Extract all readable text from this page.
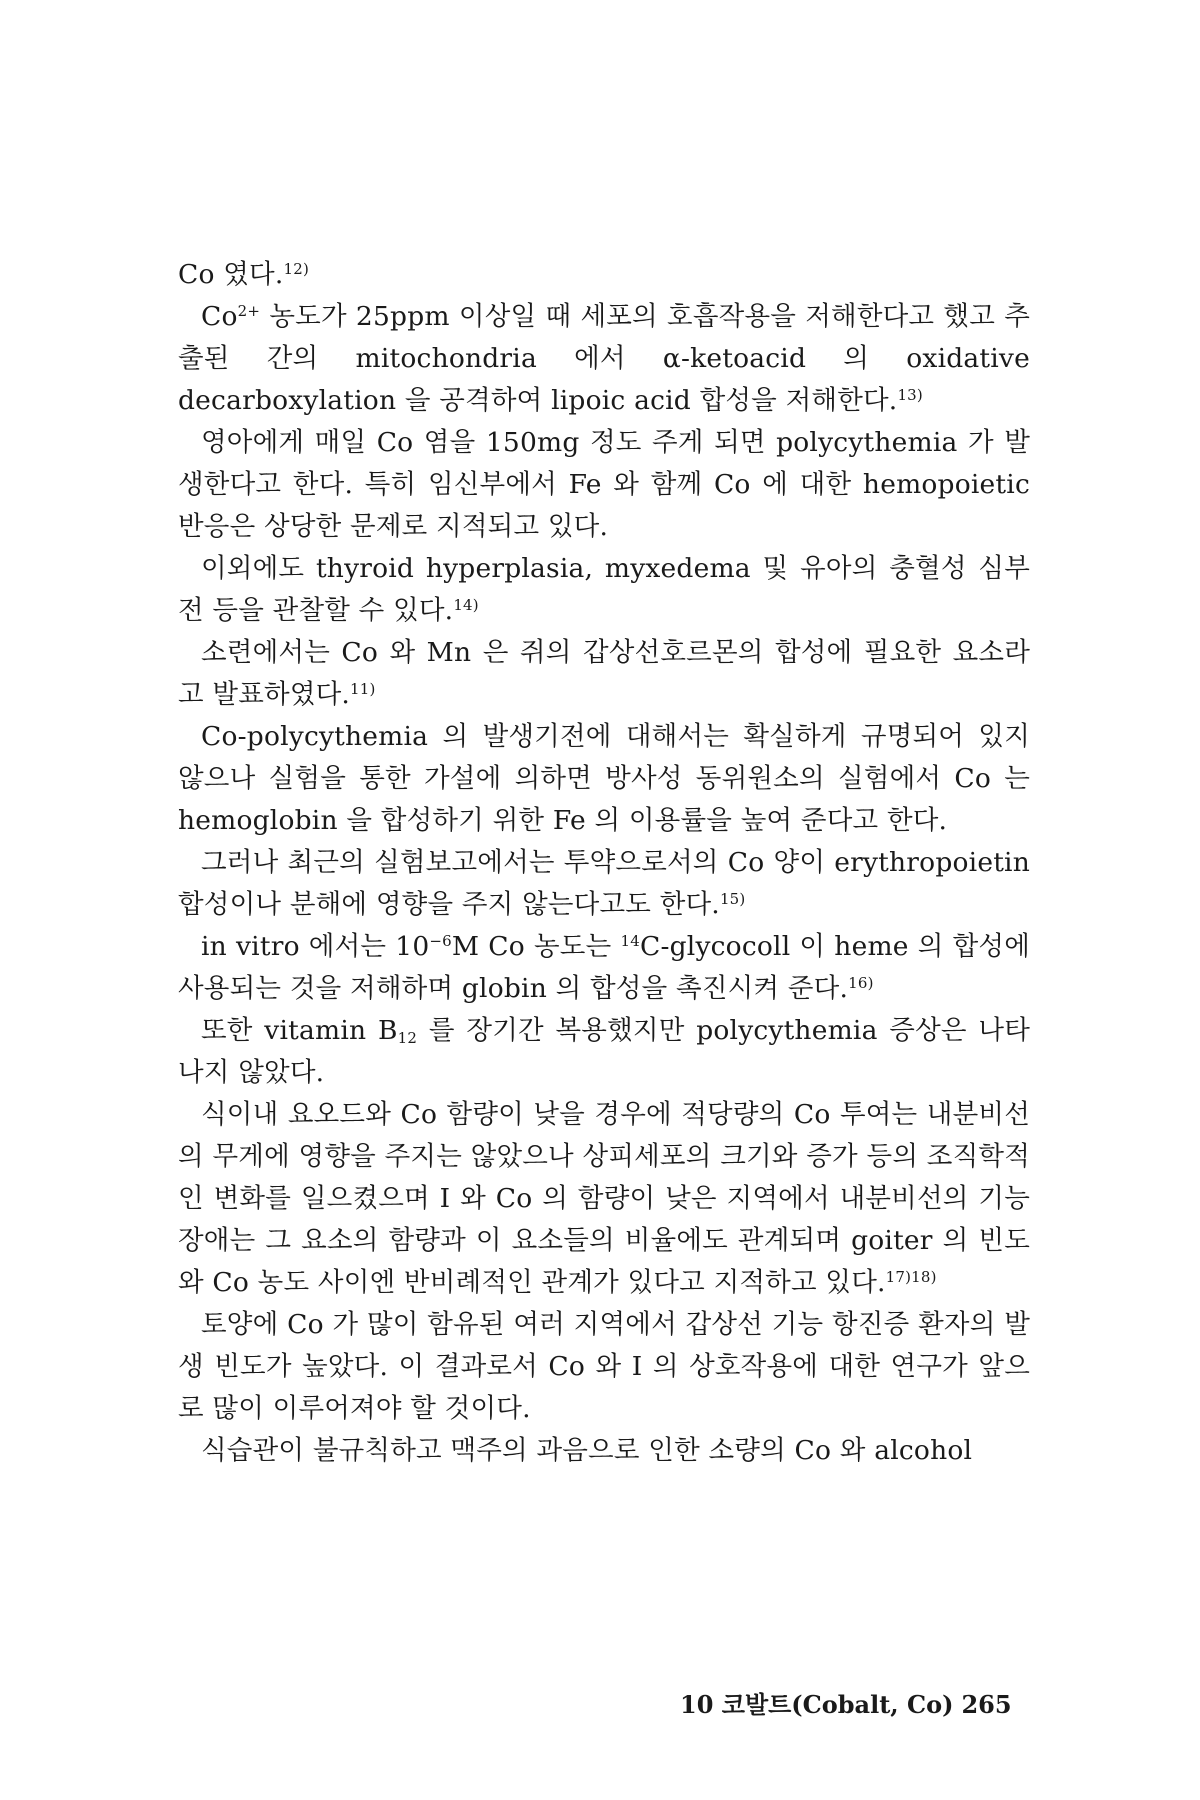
Co 였다.$^{12)}$

$Co^{2+}$ 농도가 25ppm 이상일 때 세포의 호흡작용을 저해한다고 했고 추출된 간의 mitochondria 에서 α-ketoacid 의 oxidative decarboxylation 을 공격하여 lipoic acid 합성을 저해한다.$^{13)}$

영아에게 매일 Co 염을 150mg 정도 주게 되면 polycythemia 가 발생한다고 한다. 특히 임신부에서 Fe 와 함께 Co 에 대한 hemopoietic 반응은 상당한 문제로 지적되고 있다.

이외에도 thyroid hyperplasia, myxedema 및 유아의 충혈성 심부전 등을 관찰할 수 있다.$^{14)}$

소련에서는 Co 와 Mn 은 쥐의 갑상선호르몬의 합성에 필요한 요소라고 발표하였다.$^{11)}$

Co-polycythemia 의 발생기전에 대해서는 확실하게 규명되어 있지 않으나 실험을 통한 가설에 의하면 방사성 동위원소의 실험에서 Co 는 hemoglobin 을 합성하기 위한 Fe 의 이용률을 높여 준다고 한다.

그러나 최근의 실험보고에서는 투약으로서의 Co 양이 erythropoietin 합성이나 분해에 영향을 주지 않는다고도 한다.$^{15)}$

in vitro 에서는 $10^{-6}M$ Co 농도는 $^{14}$C-glycocoll 이 heme 의 합성에 사용되는 것을 저해하며 globin 의 합성을 촉진시켜 준다.$^{16)}$

또한 vitamin $B_{12}$ 를 장기간 복용했지만 polycythemia 증상은 나타나지 않았다.

식이내 요오드와 Co 함량이 낮을 경우에 적당량의 Co 투여는 내분비선의 무게에 영향을 주지는 않았으나 상피세포의 크기와 증가 등의 조직학적인 변화를 일으켰으며 I 와 Co 의 함량이 낮은 지역에서 내분비선의 기능장애는 그 요소의 함량과 이 요소들의 비율에도 관계되며 goiter 의 빈도와 Co 농도 사이엔 반비례적인 관계가 있다고 지적하고 있다.$^{17)18)}$

토양에 Co 가 많이 함유된 여러 지역에서 갑상선 기능 항진증 환자의 발생 빈도가 높았다. 이 결과로서 Co 와 I 의 상호작용에 대한 연구가 앞으로 많이 이루어져야 할 것이다.

식습관이 불규칙하고 맥주의 과음으로 인한 소량의 Co 와 alcohol

10 코발트(Cobalt, Co) 265
